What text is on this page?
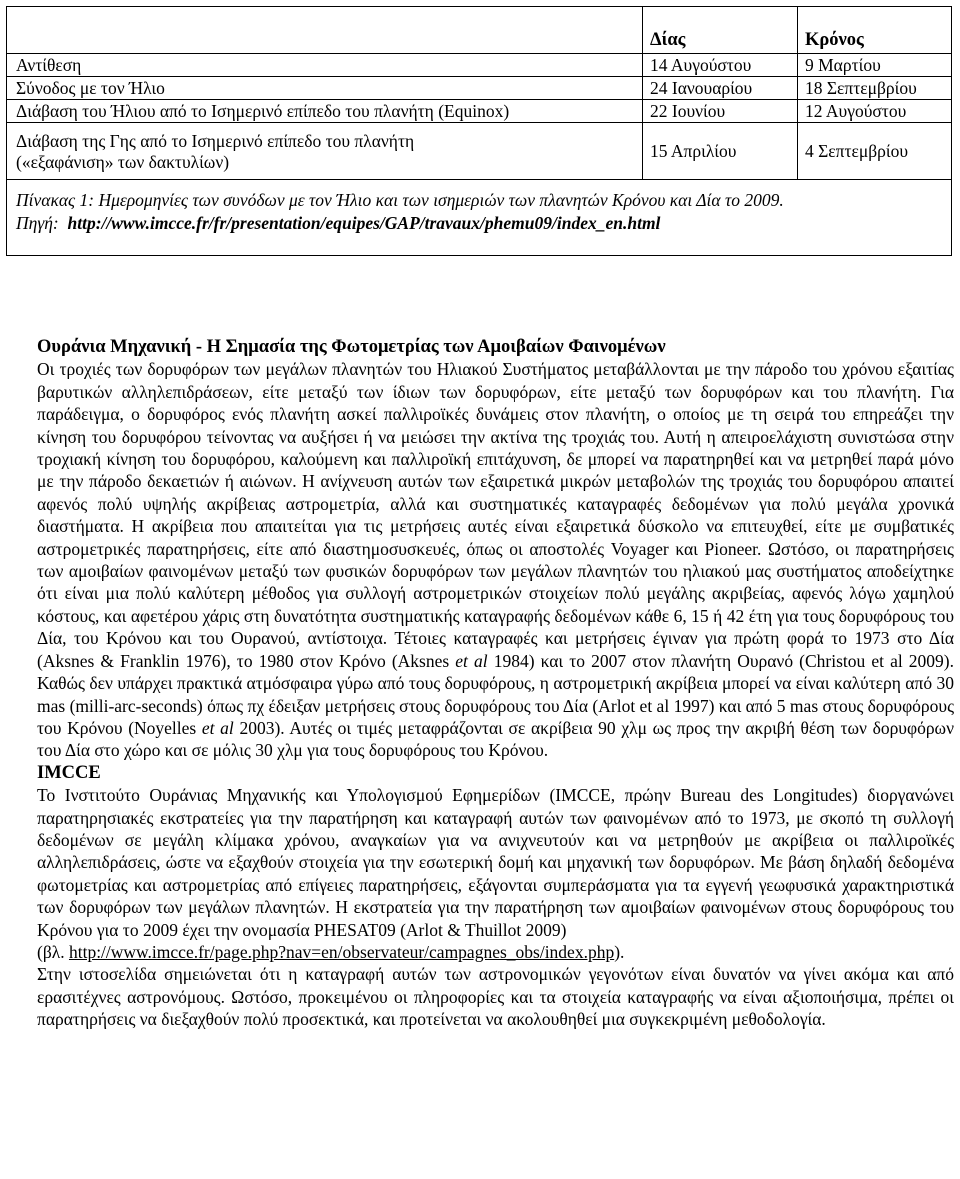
	Δίας	Κρόνος
Αντίθεση	14 Αυγούστου	9 Μαρτίου
Σύνοδος με τον Ήλιο	24 Ιανουαρίου	18 Σεπτεμβρίου
Διάβαση του Ήλιου από το Ισημερινό επίπεδο του πλανήτη (Equinox)	22 Ιουνίου	12 Αυγούστου
Διάβαση της Γης από το Ισημερινό επίπεδο του πλανήτη
(«εξαφάνιση» των δακτυλίων)	15 Απριλίου	4 Σεπτεμβρίου
Πίνακας 1: Ημερομηνίες των συνόδων με τον Ήλιο και των ισημεριών των πλανητών Κρόνου και Δία το 2009.
Πηγή: http://www.imcce.fr/fr/presentation/equipes/GAP/travaux/phemu09/index_en.html		
Ουράνια Μηχανική - Η Σημασία της Φωτομετρίας των Αμοιβαίων Φαινομένων

Οι τροχιές των δορυφόρων των μεγάλων πλανητών του Ηλιακού Συστήματος μεταβάλλονται με την πάροδο του χρόνου εξαιτίας βαρυτικών αλληλεπιδράσεων, είτε μεταξύ των ίδιων των δορυφόρων, είτε μεταξύ των δορυφόρων και του πλανήτη. Για παράδειγμα, ο δορυφόρος ενός πλανήτη ασκεί παλλιροϊκές δυνάμεις στον πλανήτη, ο οποίος με τη σειρά του επηρεάζει την κίνηση του δορυφόρου τείνοντας να αυξήσει ή να μειώσει την ακτίνα της τροχιάς του. Αυτή η απειροελάχιστη συνιστώσα στην τροχιακή κίνηση του δορυφόρου, καλούμενη και παλλιροϊκή επιτάχυνση, δε μπορεί να παρατηρηθεί και να μετρηθεί παρά μόνο με την πάροδο δεκαετιών ή αιώνων. Η ανίχνευση αυτών των εξαιρετικά μικρών μεταβολών της τροχιάς του δορυφόρου απαιτεί αφενός πολύ υψηλής ακρίβειας αστρομετρία, αλλά και συστηματικές καταγραφές δεδομένων για πολύ μεγάλα χρονικά διαστήματα. Η ακρίβεια που απαιτείται για τις μετρήσεις αυτές είναι εξαιρετικά δύσκολο να επιτευχθεί, είτε με συμβατικές αστρομετρικές παρατηρήσεις, είτε από διαστημοσυσκευές, όπως οι αποστολές Voyager και Pioneer. Ωστόσο, οι παρατηρήσεις των αμοιβαίων φαινομένων μεταξύ των φυσικών δορυφόρων των μεγάλων πλανητών του ηλιακού μας συστήματος αποδείχτηκε ότι είναι μια πολύ καλύτερη μέθοδος για συλλογή αστρομετρικών στοιχείων πολύ μεγάλης ακριβείας, αφενός λόγω χαμηλού κόστους, και αφετέρου χάρις στη δυνατότητα συστηματικής καταγραφής δεδομένων κάθε 6, 15 ή 42 έτη για τους δορυφόρους του Δία, του Κρόνου και του Ουρανού, αντίστοιχα. Τέτοιες καταγραφές και μετρήσεις έγιναν για πρώτη φορά το 1973 στο Δία (Aksnes & Franklin 1976), το 1980 στον Κρόνο (Aksnes et al 1984) και το 2007 στον πλανήτη Ουρανό (Christou et al 2009). Καθώς δεν υπάρχει πρακτικά ατμόσφαιρα γύρω από τους δορυφόρους, η αστρομετρική ακρίβεια μπορεί να είναι καλύτερη από 30 mas (milli-arc-seconds) όπως πχ έδειξαν μετρήσεις στους δορυφόρους του Δία (Arlot et al 1997) και από 5 mas στους δορυφόρους του Κρόνου (Noyelles et al 2003). Αυτές οι τιμές μεταφράζονται σε ακρίβεια 90 χλμ ως προς την ακριβή θέση των δορυφόρων του Δία στο χώρο και σε μόλις 30 χλμ για τους δορυφόρους του Κρόνου.

IMCCE

Το Ινστιτούτο Ουράνιας Μηχανικής και Υπολογισμού Εφημερίδων (IMCCE, πρώην Bureau des Longitudes) διοργανώνει παρατηρησιακές εκστρατείες για την παρατήρηση και καταγραφή αυτών των φαινομένων από το 1973, με σκοπό τη συλλογή δεδομένων σε μεγάλη κλίμακα χρόνου, αναγκαίων για να ανιχνευτούν και να μετρηθούν με ακρίβεια οι παλλιροϊκές αλληλεπιδράσεις, ώστε να εξαχθούν στοιχεία για την εσωτερική δομή και μηχανική των δορυφόρων. Με βάση δηλαδή δεδομένα φωτομετρίας και αστρομετρίας από επίγειες παρατηρήσεις, εξάγονται συμπεράσματα για τα εγγενή γεωφυσικά χαρακτηριστικά των δορυφόρων των μεγάλων πλανητών. Η εκστρατεία για την παρατήρηση των αμοιβαίων φαινομένων στους δορυφόρους του Κρόνου για το 2009 έχει την ονομασία PHESAT09 (Arlot & Thuillot 2009)
(βλ. http://www.imcce.fr/page.php?nav=en/observateur/campagnes_obs/index.php).

Στην ιστοσελίδα σημειώνεται ότι η καταγραφή αυτών των αστρονομικών γεγονότων είναι δυνατόν να γίνει ακόμα και από ερασιτέχνες αστρονόμους. Ωστόσο, προκειμένου οι πληροφορίες και τα στοιχεία καταγραφής να είναι αξιοποιήσιμα, πρέπει οι παρατηρήσεις να διεξαχθούν πολύ προσεκτικά, και προτείνεται να ακολουθηθεί μια συγκεκριμένη μεθοδολογία.
